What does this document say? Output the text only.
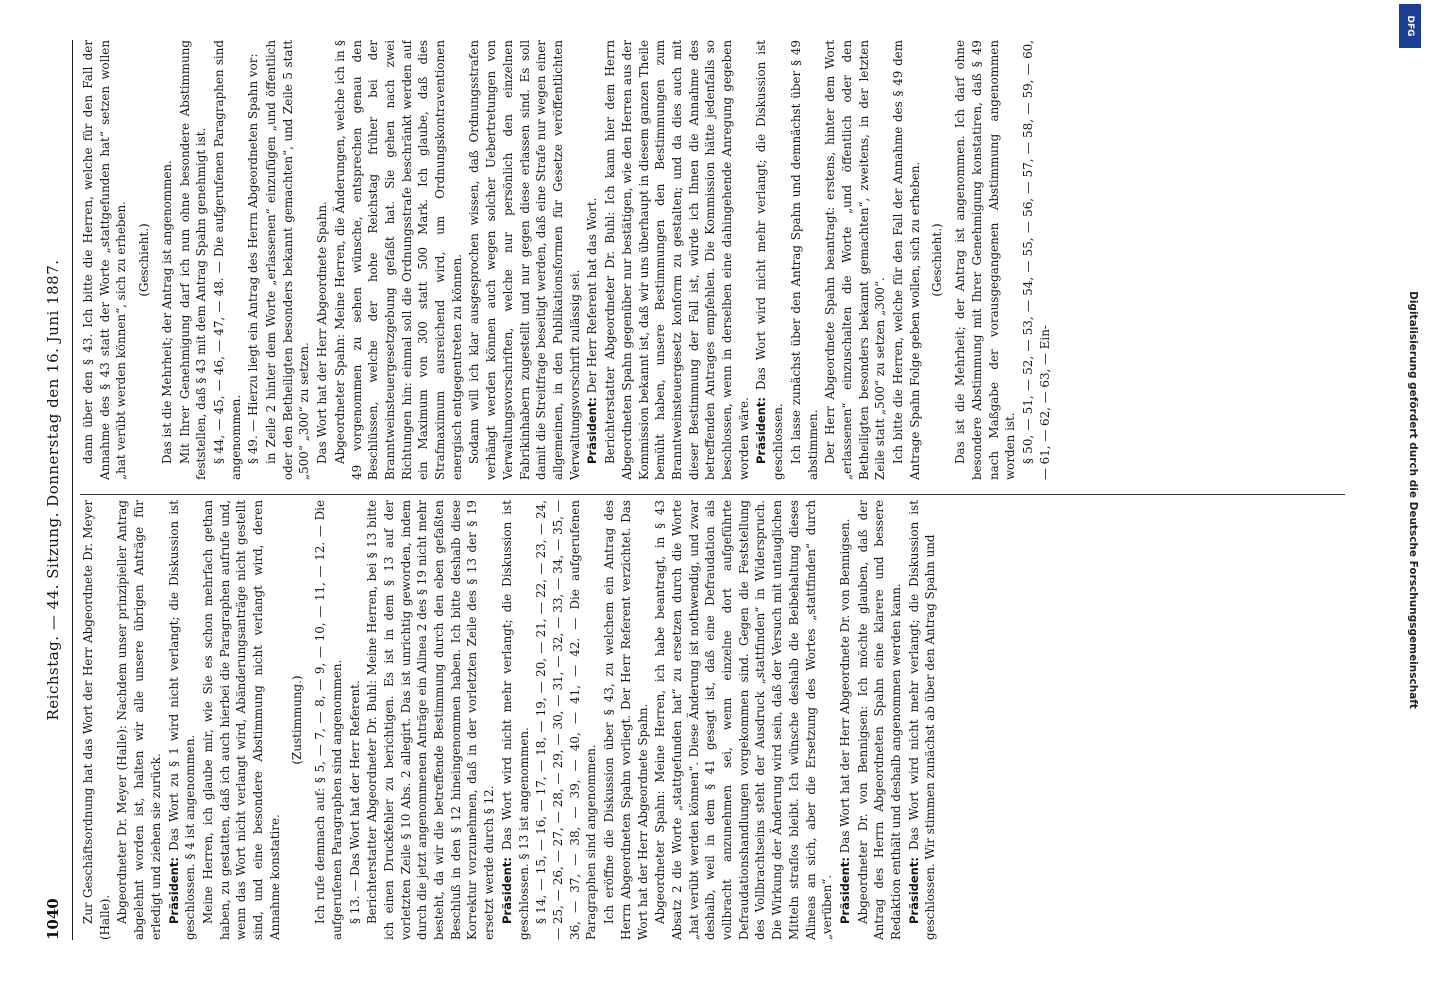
1040
Reichstag. — 44. Sitzung. Donnerstag den 16. Juni 1887. Zur Geschäftsordnung hat das Wort der Herr Abgeordnete Dr. Meyer (Halle). Abgeordneter Dr. Meyer (Halle): Nachdem unser prinzipieller Antrag abgelehnt worden ist, halten wir alle unsere übrigen Anträge für erledigt und ziehen sie zurück. Präsident: Das Wort zu § 1 wird nicht verlangt; die Diskussion ist geschlossen. § 4 ist angenommen. Meine Herren, ich glaube mir, wie Sie es schon mehrfach gethan haben, zu gestatten, daß ich auch hierbei die Paragraphen aufrufe und, wenn das Wort nicht verlangt wird, Abänderungsanträge nicht gestellt sind, und eine besondere Abstimmung nicht verlangt wird, deren Annahme konstatire.

(Zustimmung.) Ich rufe demnach auf: § 5, — 7, — 8, — 9, — 10, — 11, — 12. — Die aufgerufenen Paragraphen sind angenommen. § 13. — Das Wort hat der Herr Referent. Berichterstatter Abgeordneter Dr. Buhl: Meine Herren, bei § 13 bitte ich einen Druckfehler zu berichtigen. Es ist in dem § 13 auf der vorletzten Zeile § 10 Abs. 2 allegirt. Das ist unrichtig geworden, indem durch die jetzt angenommenen Anträge ein Alinea 2 des § 19 nicht mehr besteht, da wir die betreffende Bestimmung durch den eben gefaßten Beschluß in den § 12 hineingenommen haben. Ich bitte deshalb diese Korrektur vorzunehmen, daß in der vorletzten Zeile des § 13 der § 19 ersetzt werde durch § 12. Präsident: Das Wort wird nicht mehr verlangt; die Diskussion ist geschlossen. § 13 ist angenommen. § 14, — 15, — 16, — 17, — 18, — 19, — 20, — 21, — 22, — 23, — 24, — 25, — 26, — 27, — 28, — 29, — 30, — 31, — 32, — 33, — 34, — 35, — 36, — 37, — 38, — 39, — 40, — 41, — 42. — Die aufgerufenen Paragraphen sind angenommen. Ich eröffne die Diskussion über § 43, zu welchem ein Antrag des Herrn Abgeordneten Spahn vorliegt. Der Herr Referent verzichtet. Das Wort hat der Herr Abgeordnete Spahn. Abgeordneter Spahn: Meine Herren, ich habe beantragt, in § 43 Absatz 2 die Worte „stattgefunden hat“ zu ersetzen durch die Worte „hat verübt werden können“. Diese Änderung ist nothwendig, und zwar deshalb, weil in dem § 41 gesagt ist, daß eine Defraudation als vollbracht anzunehmen sei, wenn einzelne dort aufgeführte Defraudationshandlungen vorgekommen sind. Gegen die Feststellung des Vollbrachtseins steht der Ausdruck „stattfinden“ in Widerspruch. Die Wirkung der Änderung wird sein, daß der Versuch mit untauglichen Mitteln straflos bleibt. Ich wünsche deshalb die Beibehaltung dieses Alineas an sich, aber die Ersetzung des Wortes „stattfinden“ durch „verüben“. Präsident: Das Wort hat der Herr Abgeordnete Dr. von Bennigsen. Abgeordneter Dr. von Bennigsen: Ich möchte glauben, daß der Antrag des Herrn Abgeordneten Spahn eine klarere und bessere Redaktion enthält und deshalb angenommen werden kann. Präsident: Das Wort wird nicht mehr verlangt; die Diskussion ist geschlossen. Wir stimmen zunächst ab über den Antrag Spahn und

dann über den § 43. Ich bitte die Herren, welche für den Fall der Annahme des § 43 statt der Worte „stattgefunden hat“ setzen wollen „hat verübt werden können“, sich zu erheben. (Geschieht.) Das ist die Mehrheit; der Antrag ist angenommen. Mit Ihrer Genehmigung darf ich nun ohne besondere Abstimmung feststellen, daß § 43 mit dem Antrag Spahn genehmigt ist. § 44, — 45, — 46, — 47, — 48. — Die aufgerufenen Paragraphen sind angenommen. § 49. — Hierzu liegt ein Antrag des Herrn Abgeordneten Spahn vor: in Zeile 2 hinter dem Worte „erlassenen“ einzufügen „und öffentlich oder den Betheiligten besonders bekannt gemachten“, und Zeile 5 statt „500“ „300“ zu setzen. Das Wort hat der Herr Abgeordnete Spahn. Abgeordneter Spahn: Meine Herren, die Änderungen, welche ich in § 49 vorgenommen zu sehen wünsche, entsprechen genau den Beschlüssen, welche der hohe Reichstag früher bei der Branntweinsteuergesetzgebung gefaßt hat. Sie gehen nach zwei Richtungen hin: einmal soll die Ordnungsstrafe beschränkt werden auf ein Maximum von 300 statt 500 Mark. Ich glaube, daß dies Strafmaximum ausreichend wird, um Ordnungskontraventionen energisch entgegentreten zu können. Sodann will ich klar ausgesprochen wissen, daß Ordnungsstrafen verhängt werden können auch wegen solcher Uebertretungen von Verwaltungsvorschriften, welche nur persönlich den einzelnen Fabrikinhabern zugestellt und nur gegen diese erlassen sind. Es soll damit die Streitfrage beseitigt werden, daß eine Strafe nur wegen einer allgemeinen, in den Publikationsformen für Gesetze veröffentlichten Verwaltungsvorschrift zulässig sei. Präsident: Der Herr Referent hat das Wort. Berichterstatter Abgeordneter Dr. Buhl: Ich kann hier dem Herrn Abgeordneten Spahn gegenüber nur bestätigen, wie den Herren aus der Kommission bekannt ist, daß wir uns überhaupt in diesem ganzen Theile bemüht haben, unsere Bestimmungen den Bestimmungen zum Branntweinsteuergesetz konform zu gestalten; und da dies auch mit dieser Bestimmung der Fall ist, würde ich Ihnen die Annahme des betreffenden Antrages empfehlen. Die Kommission hätte jedenfalls so beschlossen, wenn in derselben eine dahingehende Anregung gegeben worden wäre. Präsident: Das Wort wird nicht mehr verlangt; die Diskussion ist geschlossen. Ich lasse zunächst über den Antrag Spahn und demnächst über § 49 abstimmen. Der Herr Abgeordnete Spahn beantragt: erstens, hinter dem Wort „erlassenen“ einzuschalten die Worte „und öffentlich oder den Betheiligten besonders bekannt gemachten“, zweitens, in der letzten Zeile statt „500“ zu setzen „300“. Ich bitte die Herren, welche für den Fall der Annahme des § 49 dem Antrage Spahn Folge geben wollen, sich zu erheben. (Geschieht.) Das ist die Mehrheit; der Antrag ist angenommen. Ich darf ohne besondere Abstimmung mit Ihrer Genehmigung konstatiren, daß § 49 nach Maßgabe der vorausgegangenen Abstimmung angenommen worden ist. § 50, — 51, — 52, — 53, — 54, — 55, — 56, — 57, — 58, — 59, — 60, — 61, — 62, — 63, — Ein-	Digitalisierung gefördert durch die Deutsche Forschungsgemeinschaft
DFG
